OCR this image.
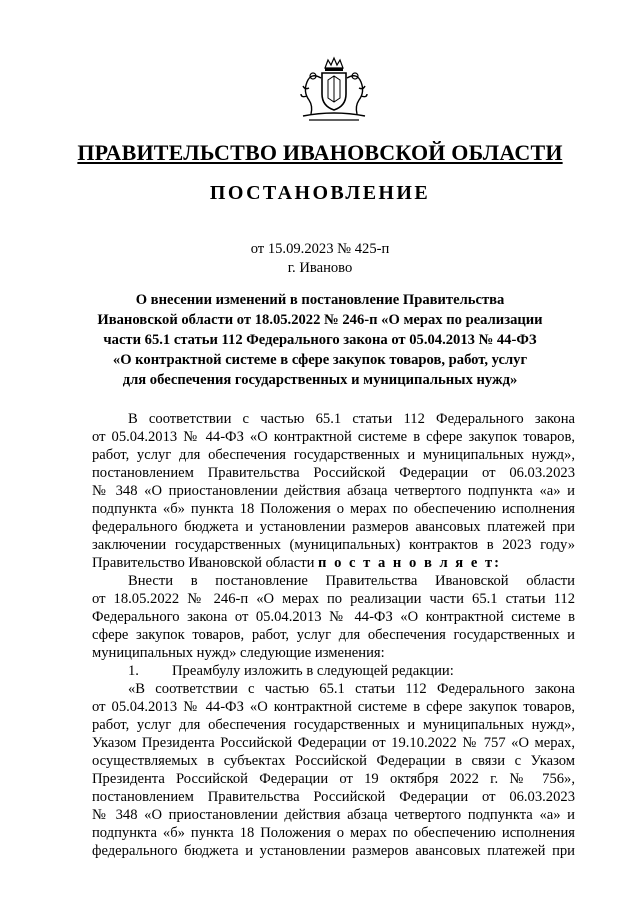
ПРАВИТЕЛЬСТВО ИВАНОВСКОЙ ОБЛАСТИ
ПОСТАНОВЛЕНИЕ
от 15.09.2023 № 425-п
г. Иваново
О внесении изменений в постановление Правительства
Ивановской области от 18.05.2022 № 246-п «О мерах по реализации
части 65.1 статьи 112 Федерального закона от 05.04.2013 № 44-ФЗ
«О контрактной системе в сфере закупок товаров, работ, услуг
для обеспечения государственных и муниципальных нужд»
В соответствии с частью 65.1 статьи 112 Федерального закона
от 05.04.2013 № 44-ФЗ «О контрактной системе в сфере закупок товаров,
работ, услуг для обеспечения государственных и муниципальных нужд»,
постановлением Правительства Российской Федерации от 06.03.2023
№ 348 «О приостановлении действия абзаца четвертого подпункта «а» и
подпункта «б» пункта 18 Положения о мерах по обеспечению исполнения
федерального бюджета и установлении размеров авансовых платежей при
заключении государственных (муниципальных) контрактов в 2023 году»
Правительство Ивановской области п о с т а н о в л я е т:
Внести в постановление Правительства Ивановской области
от 18.05.2022 № 246-п «О мерах по реализации части 65.1 статьи 112
Федерального закона от 05.04.2013 № 44-ФЗ «О контрактной системе в
сфере закупок товаров, работ, услуг для обеспечения государственных и
муниципальных нужд» следующие изменения:
1. Преамбулу изложить в следующей редакции:
«В соответствии с частью 65.1 статьи 112 Федерального закона
от 05.04.2013 № 44-ФЗ «О контрактной системе в сфере закупок товаров,
работ, услуг для обеспечения государственных и муниципальных нужд»,
Указом Президента Российской Федерации от 19.10.2022 № 757 «О мерах,
осуществляемых в субъектах Российской Федерации в связи с Указом
Президента Российской Федерации от 19 октября 2022 г. № 756»,
постановлением Правительства Российской Федерации от 06.03.2023
№ 348 «О приостановлении действия абзаца четвертого подпункта «а» и
подпункта «б» пункта 18 Положения о мерах по обеспечению исполнения
федерального бюджета и установлении размеров авансовых платежей при
